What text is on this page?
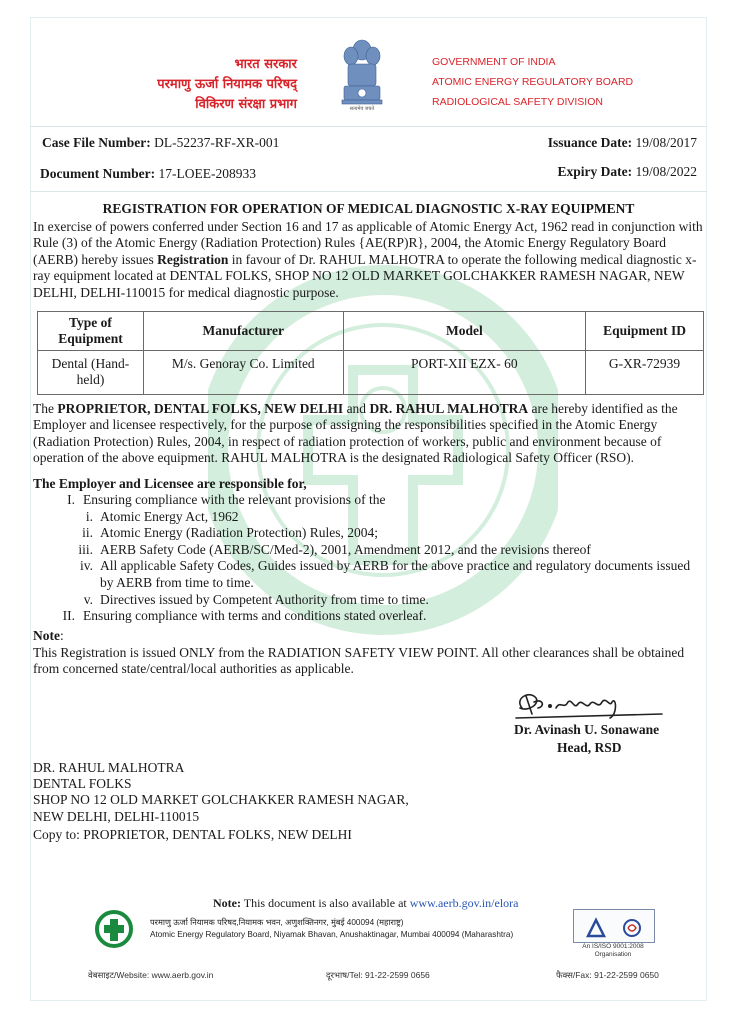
भारत सरकार
परमाणु ऊर्जा नियामक परिषद्
विकिरण संरक्षा प्रभाग	सत्यमेव जयते
GOVERNMENT OF INDIA
ATOMIC ENERGY REGULATORY BOARD
RADIOLOGICAL SAFETY DIVISION
Case File Number: DL-52237-RF-XR-001
Document Number: 17-LOEE-208933
Issuance Date: 19/08/2017
Expiry Date: 19/08/2022
REGISTRATION FOR OPERATION OF MEDICAL DIAGNOSTIC X-RAY EQUIPMENT
In exercise of powers conferred under Section 16 and 17 as applicable of Atomic Energy Act, 1962 read in conjunction with Rule (3) of the Atomic Energy (Radiation Protection) Rules {AE(RP)R}, 2004, the Atomic Energy Regulatory Board (AERB) hereby issues Registration in favour of Dr. RAHUL MALHOTRA to operate the following medical diagnostic x-ray equipment located at DENTAL FOLKS, SHOP NO 12 OLD MARKET GOLCHAKKER RAMESH NAGAR, NEW DELHI, DELHI-110015 for medical diagnostic purpose.
Type of Equipment	Manufacturer	Model	Equipment ID
Dental (Hand-held)	M/s. Genoray Co. Limited	PORT-XII EZX- 60	G-XR-72939
The PROPRIETOR, DENTAL FOLKS, NEW DELHI and DR. RAHUL MALHOTRA are hereby identified as the Employer and licensee respectively, for the purpose of assigning the responsibilities specified in the Atomic Energy (Radiation Protection) Rules, 2004, in respect of radiation protection of workers, public and environment because of operation of the above equipment. RAHUL MALHOTRA is the designated Radiological Safety Officer (RSO).
The Employer and Licensee are responsible for,
I. Ensuring compliance with the relevant provisions of the
i. Atomic Energy Act, 1962
ii. Atomic Energy (Radiation Protection) Rules, 2004;
iii. AERB Safety Code (AERB/SC/Med-2), 2001, Amendment 2012, and the revisions thereof
iv. All applicable Safety Codes, Guides issued by AERB for the above practice and regulatory documents issued by AERB from time to time.
v. Directives issued by Competent Authority from time to time.
II. Ensuring compliance with terms and conditions stated overleaf.
Note:
This Registration is issued ONLY from the RADIATION SAFETY VIEW POINT. All other clearances shall be obtained from concerned state/central/local authorities as applicable.
Dr. Avinash U. Sonawane
Head, RSD
DR. RAHUL MALHOTRA
DENTAL FOLKS
SHOP NO 12 OLD MARKET GOLCHAKKER RAMESH NAGAR,
NEW DELHI, DELHI-110015
Copy to: PROPRIETOR, DENTAL FOLKS, NEW DELHI
Note: This document is also available at www.aerb.gov.in/elora
परमाणु ऊर्जा नियामक परिषद,नियामक भवन, अणुशक्तिनगर, मुंबई 400094 (महाराष्ट्र)
Atomic Energy Regulatory Board, Niyamak Bhavan, Anushaktinagar, Mumbai 400094 (Maharashtra)
An IS/ISO 9001:2008
Organisation
वेबसाइट/Website: www.aerb.gov.in	दूरभाष/Tel: 91-22-2599 0656	फैक्स/Fax: 91-22-2599 0650
